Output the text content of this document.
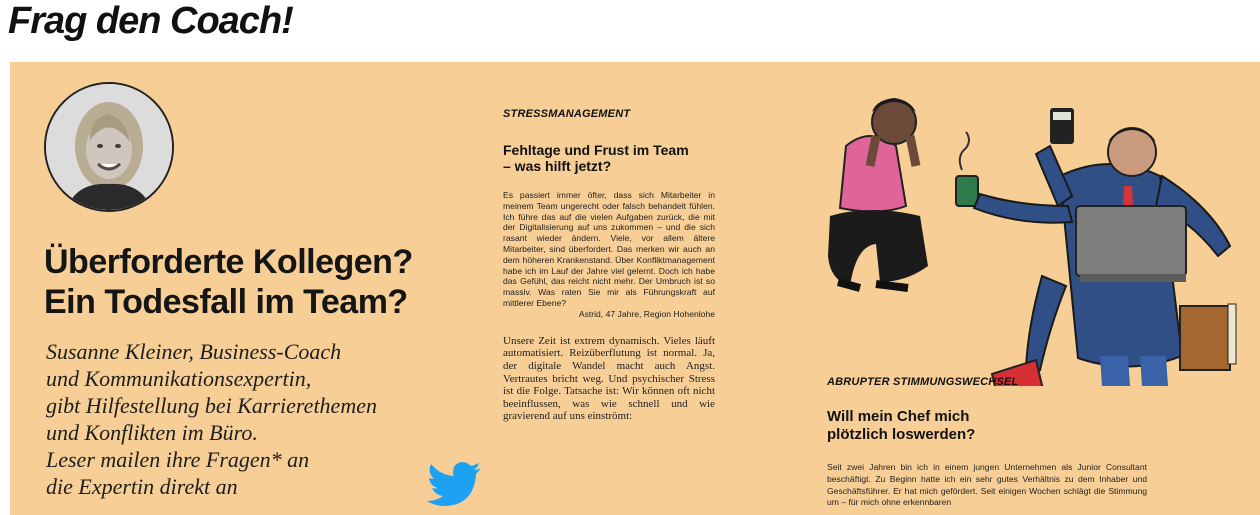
Frag den Coach!
Überforderte Kollegen?
Ein Todesfall im Team?
Susanne Kleiner, Business-Coach
und Kommunikationsexpertin,
gibt Hilfestellung bei Karrierethemen
und Konflikten im Büro.
Leser mailen ihre Fragen* an
die Expertin direkt an
STRESSMANAGEMENT
Fehltage und Frust im Team
– was hilft jetzt?
Es passiert immer öfter, dass sich Mitarbeiter in meinem Team ungerecht oder falsch behandelt fühlen. Ich führe das auf die vielen Aufgaben zurück, die mit der Digitalisierung auf uns zukommen – und die sich rasant wieder ändern. Viele, vor allem ältere Mitarbeiter, sind überfordert. Das merken wir auch an dem höheren Krankenstand. Über Konfliktmanagement habe ich im Lauf der Jahre viel gelernt. Doch ich habe das Gefühl, das reicht nicht mehr. Der Umbruch ist so massiv. Was raten Sie mir als Führungskraft auf mittlerer Ebene?
Astrid, 47 Jahre, Region Hohenlohe
Unsere Zeit ist extrem dynamisch. Vieles läuft automatisiert. Reizüberflutung ist normal. Ja, der digitale Wandel macht auch Angst. Vertrautes bricht weg. Und psychischer Stress ist die Folge. Tatsache ist: Wir können oft nicht beeinflussen, was wie schnell und wie gravierend auf uns einströmt:
ABRUPTER STIMMUNGSWECHSEL
Will mein Chef mich
plötzlich loswerden?
Seit zwei Jahren bin ich in einem jungen Unternehmen als Junior Consultant beschäftigt. Zu Beginn hatte ich ein sehr gutes Verhältnis zu dem Inhaber und Geschäftsführer. Er hat mich gefördert. Seit einigen Wochen schlägt die Stimmung um – für mich ohne erkennbaren
